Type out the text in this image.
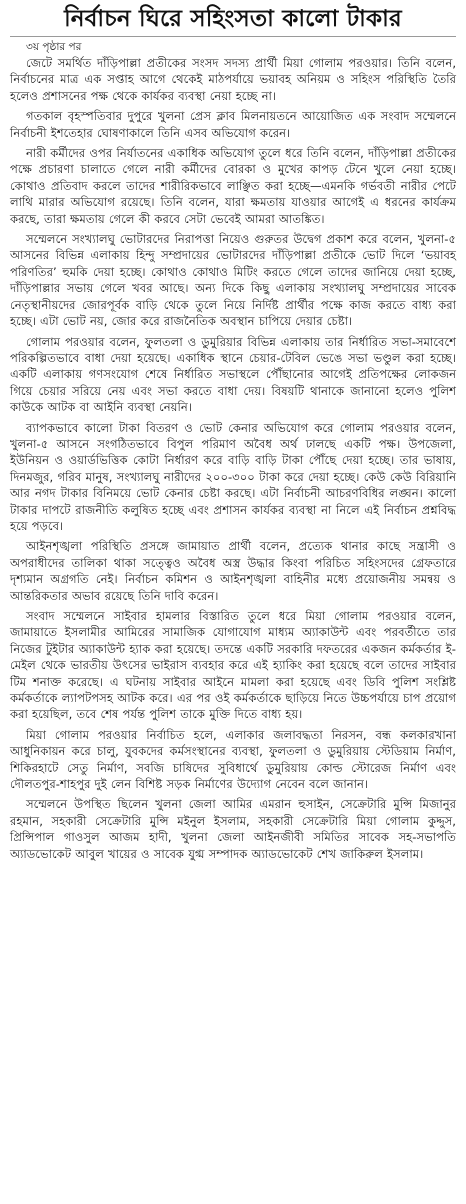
নির্বাচন ঘিরে সহিংসতা কালো টাকার
৩য় পৃষ্ঠার পর

জেটে সমর্থিত দাঁড়িপাল্লা প্রতীকের সংসদ সদস্য প্রার্থী মিয়া গোলাম পরওয়ার। তিনি বলেন, নির্বাচনের মাত্র এক সপ্তাহ আগে থেকেই মাঠপর্যায়ে ভয়াবহ অনিয়ম ও সহিংস পরিস্থিতি তৈরি হলেও প্রশাসনের পক্ষ থেকে কার্যকর ব্যবস্থা নেয়া হচ্ছে না।

গতকাল বৃহস্পতিবার দুপুরে খুলনা প্রেস ক্লাব মিলনায়তনে আয়োজিত এক সংবাদ সম্মেলনে নির্বাচনী ইশতেহার ঘোষণাকালে তিনি এসব অভিযোগ করেন।

নারী কর্মীদের ওপর নির্যাতনের একাধিক অভিযোগ তুলে ধরে তিনি বলেন, দাঁড়িপাল্লা প্রতীকের পক্ষে প্রচারণা চালাতে গেলে নারী কর্মীদের বোরকা ও মুখের কাপড় টেনে খুলে নেয়া হচ্ছে। কোথাও প্রতিবাদ করলে তাদের শারীরিকভাবে লাঞ্ছিত করা হচ্ছে—এমনকি গর্ভবতী নারীর পেটে লাথি মারার অভিযোগ রয়েছে। তিনি বলেন, যারা ক্ষমতায় যাওয়ার আগেই এ ধরনের কার্যক্রম করছে, তারা ক্ষমতায় গেলে কী করবে সেটা ভেবেই আমরা আতঙ্কিত।

সম্মেলনে সংখ্যালঘু ভোটারদের নিরাপত্তা নিয়েও গুরুতর উদ্বেগ প্রকাশ করে বলেন, খুলনা-৫ আসনের বিভিন্ন এলাকায় হিন্দু সম্প্রদায়ের ভোটারদের দাঁড়িপাল্লা প্রতীকে ভোট দিলে ‘ভয়াবহ পরিণতির’ হুমকি দেয়া হচ্ছে। কোথাও কোথাও মিটিং করতে গেলে তাদের জানিয়ে দেয়া হচ্ছে, দাঁড়িপাল্লার সভায় গেলে খবর আছে। অন্য দিকে কিছু এলাকায় সংখ্যালঘু সম্প্রদায়ের সাবেক নেতৃস্থানীয়দের জোরপূর্বক বাড়ি থেকে তুলে নিয়ে নির্দিষ্ট প্রার্থীর পক্ষে কাজ করতে বাধ্য করা হচ্ছে। এটা ভোট নয়, জোর করে রাজনৈতিক অবস্থান চাপিয়ে দেয়ার চেষ্টা।

গোলাম পরওয়ার বলেন, ফুলতলা ও ডুমুরিয়ার বিভিন্ন এলাকায় তার নির্ধারিত সভা-সমাবেশে পরিকল্পিতভাবে বাধা দেয়া হয়েছে। একাধিক স্থানে চেয়ার-টেবিল ভেঙে সভা ভণ্ডুল করা হচ্ছে। একটি এলাকায় গণসংযোগ শেষে নির্ধারিত সভাস্থলে পৌঁছানোর আগেই প্রতিপক্ষের লোকজন গিয়ে চেয়ার সরিয়ে নেয় এবং সভা করতে বাধা দেয়। বিষয়টি থানাকে জানানো হলেও পুলিশ কাউকে আটক বা আইনি ব্যবস্থা নেয়নি।

ব্যাপকভাবে কালো টাকা বিতরণ ও ভোট কেনার অভিযোগ করে গোলাম পরওয়ার বলেন, খুলনা-৫ আসনে সংগঠিতভাবে বিপুল পরিমাণ অবৈধ অর্থ ঢালছে একটি পক্ষ। উপজেলা, ইউনিয়ন ও ওয়ার্ডভিত্তিক কোটা নির্ধারণ করে বাড়ি বাড়ি টাকা পৌঁছে দেয়া হচ্ছে। তার ভাষায়, দিনমজুর, গরিব মানুষ, সংখ্যালঘু নারীদের ২০০-৩০০ টাকা করে দেয়া হচ্ছে। কেউ কেউ বিরিয়ানি আর নগদ টাকার বিনিময়ে ভোট কেনার চেষ্টা করছে। এটা নির্বাচনী আচরণবিধির লঙ্ঘন। কালো টাকার দাপটে রাজনীতি কলুষিত হচ্ছে এবং প্রশাসন কার্যকর ব্যবস্থা না নিলে এই নির্বাচন প্রশ্নবিদ্ধ হয়ে পড়বে।

আইনশৃঙ্খলা পরিস্থিতি প্রসঙ্গে জামায়াত প্রার্থী বলেন, প্রত্যেক থানার কাছে সন্ত্রাসী ও অপরাধীদের তালিকা থাকা সত্ত্বেও অবৈধ অস্ত্র উদ্ধার কিংবা পরিচিত সহিংসদের গ্রেফতারে দৃশ্যমান অগ্রগতি নেই। নির্বাচন কমিশন ও আইনশৃঙ্খলা বাহিনীর মধ্যে প্রয়োজনীয় সমন্বয় ও আন্তরিকতার অভাব রয়েছে তিনি দাবি করেন।

সংবাদ সম্মেলনে সাইবার হামলার বিস্তারিত তুলে ধরে মিয়া গোলাম পরওয়ার বলেন, জামায়াতে ইসলামীর আমিরের সামাজিক যোগাযোগ মাধ্যম অ্যাকাউন্ট এবং পরবর্তীতে তার নিজের টুইটার অ্যাকাউন্ট হ্যাক করা হয়েছে। তদন্তে একটি সরকারি দফতরের একজন কর্মকর্তার ই-মেইল থেকে ভারতীয় উৎসের ভাইরাস ব্যবহার করে এই হ্যাকিং করা হয়েছে বলে তাদের সাইবার টিম শনাক্ত করেছে। এ ঘটনায় সাইবার আইনে মামলা করা হয়েছে এবং ডিবি পুলিশ সংশ্লিষ্ট কর্মকর্তাকে ল্যাপটপসহ আটক করে। এর পর ওই কর্মকর্তাকে ছাড়িয়ে নিতে উচ্চপর্যায়ে চাপ প্রয়োগ করা হয়েছিল, তবে শেষ পর্যন্ত পুলিশ তাকে মুক্তি দিতে বাধ্য হয়।

মিয়া গোলাম পরওয়ার নির্বাচিত হলে, এলাকার জলাবদ্ধতা নিরসন, বন্ধ কলকারখানা আধুনিকায়ন করে চালু, যুবকদের কর্মসংস্থানের ব্যবস্থা, ফুলতলা ও ডুমুরিয়ায় স্টেডিয়াম নির্মাণ, শিকিরহাটে সেতু নির্মাণ, সবজি চাষিদের সুবিধার্থে ডুমুরিয়ায় কোল্ড স্টোরেজ নির্মাণ এবং দৌলতপুর-শাহপুর দুই লেন বিশিষ্ট সড়ক নির্মাণের উদ্যোগ নেবেন বলে জানান।

সম্মেলনে উপস্থিত ছিলেন খুলনা জেলা আমির এমরান হুসাইন, সেক্রেটারি মুন্সি মিজানুর রহমান, সহকারী সেক্রেটারি মুন্সি মইনুল ইসলাম, সহকারী সেক্রেটারি মিয়া গোলাম কুদ্দুস, প্রিন্সিপাল গাওসুল আজম হাদী, খুলনা জেলা আইনজীবী সমিতির সাবেক সহ-সভাপতি অ্যাডভোকেট আবুল খায়ের ও সাবেক যুগ্ম সম্পাদক অ্যাডভোকেট শেখ জাকিরুল ইসলাম।
